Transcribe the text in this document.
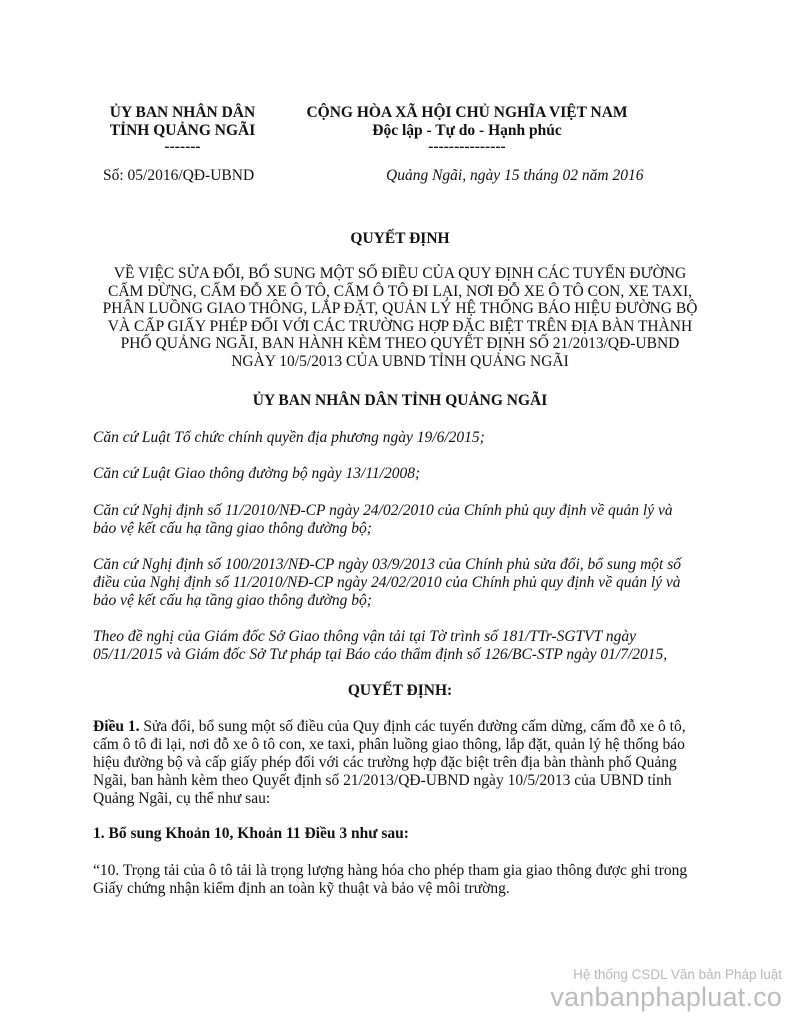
ỦY BAN NHÂN DÂN
TỈNH QUẢNG NGÃI
-------
CỘNG HÒA XÃ HỘI CHỦ NGHĨA VIỆT NAM
Độc lập - Tự do - Hạnh phúc
---------------
Số: 05/2016/QĐ-UBND	Quảng Ngãi, ngày 15 tháng 02 năm 2016
QUYẾT ĐỊNH
VỀ VIỆC SỬA ĐỔI, BỔ SUNG MỘT SỐ ĐIỀU CỦA QUY ĐỊNH CÁC TUYẾN ĐƯỜNG
CẤM DỪNG, CẤM ĐỖ XE Ô TÔ, CẤM Ô TÔ ĐI LẠI, NƠI ĐỖ XE Ô TÔ CON, XE TAXI,
PHÂN LUỒNG GIAO THÔNG, LẮP ĐẶT, QUẢN LÝ HỆ THỐNG BÁO HIỆU ĐƯỜNG BỘ
VÀ CẤP GIẤY PHÉP ĐỐI VỚI CÁC TRƯỜNG HỢP ĐẶC BIỆT TRÊN ĐỊA BÀN THÀNH
PHỐ QUẢNG NGÃI, BAN HÀNH KÈM THEO QUYẾT ĐỊNH SỐ 21/2013/QĐ-UBND
NGÀY 10/5/2013 CỦA UBND TỈNH QUẢNG NGÃI
ỦY BAN NHÂN DÂN TỈNH QUẢNG NGÃI
Căn cứ Luật Tổ chức chính quyền địa phương ngày 19/6/2015;
Căn cứ Luật Giao thông đường bộ ngày 13/11/2008;
Căn cứ Nghị định số 11/2010/NĐ-CP ngày 24/02/2010 của Chính phủ quy định về quản lý và
bảo vệ kết cấu hạ tầng giao thông đường bộ;
Căn cứ Nghị định số 100/2013/NĐ-CP ngày 03/9/2013 của Chính phủ sửa đổi, bổ sung một số
điều của Nghị định số 11/2010/NĐ-CP ngày 24/02/2010 của Chính phủ quy định về quản lý và
bảo vệ kết cấu hạ tầng giao thông đường bộ;
Theo đề nghị của Giám đốc Sở Giao thông vận tải tại Tờ trình số 181/TTr-SGTVT ngày
05/11/2015 và Giám đốc Sở Tư pháp tại Báo cáo thẩm định số 126/BC-STP ngày 01/7/2015,
QUYẾT ĐỊNH:
Điều 1. Sửa đổi, bổ sung một số điều của Quy định các tuyến đường cấm dừng, cấm đỗ xe ô tô,
cấm ô tô đi lại, nơi đỗ xe ô tô con, xe taxi, phân luồng giao thông, lắp đặt, quản lý hệ thống báo
hiệu đường bộ và cấp giấy phép đối với các trường hợp đặc biệt trên địa bàn thành phố Quảng
Ngãi, ban hành kèm theo Quyết định số 21/2013/QĐ-UBND ngày 10/5/2013 của UBND tỉnh
Quảng Ngãi, cụ thể như sau:
1. Bổ sung Khoản 10, Khoản 11 Điều 3 như sau:
“10. Trọng tải của ô tô tải là trọng lượng hàng hóa cho phép tham gia giao thông được ghi trong
Giấy chứng nhận kiểm định an toàn kỹ thuật và bảo vệ môi trường.
Hệ thống CSDL Văn bản Pháp luật
vanbanphapluat.co
